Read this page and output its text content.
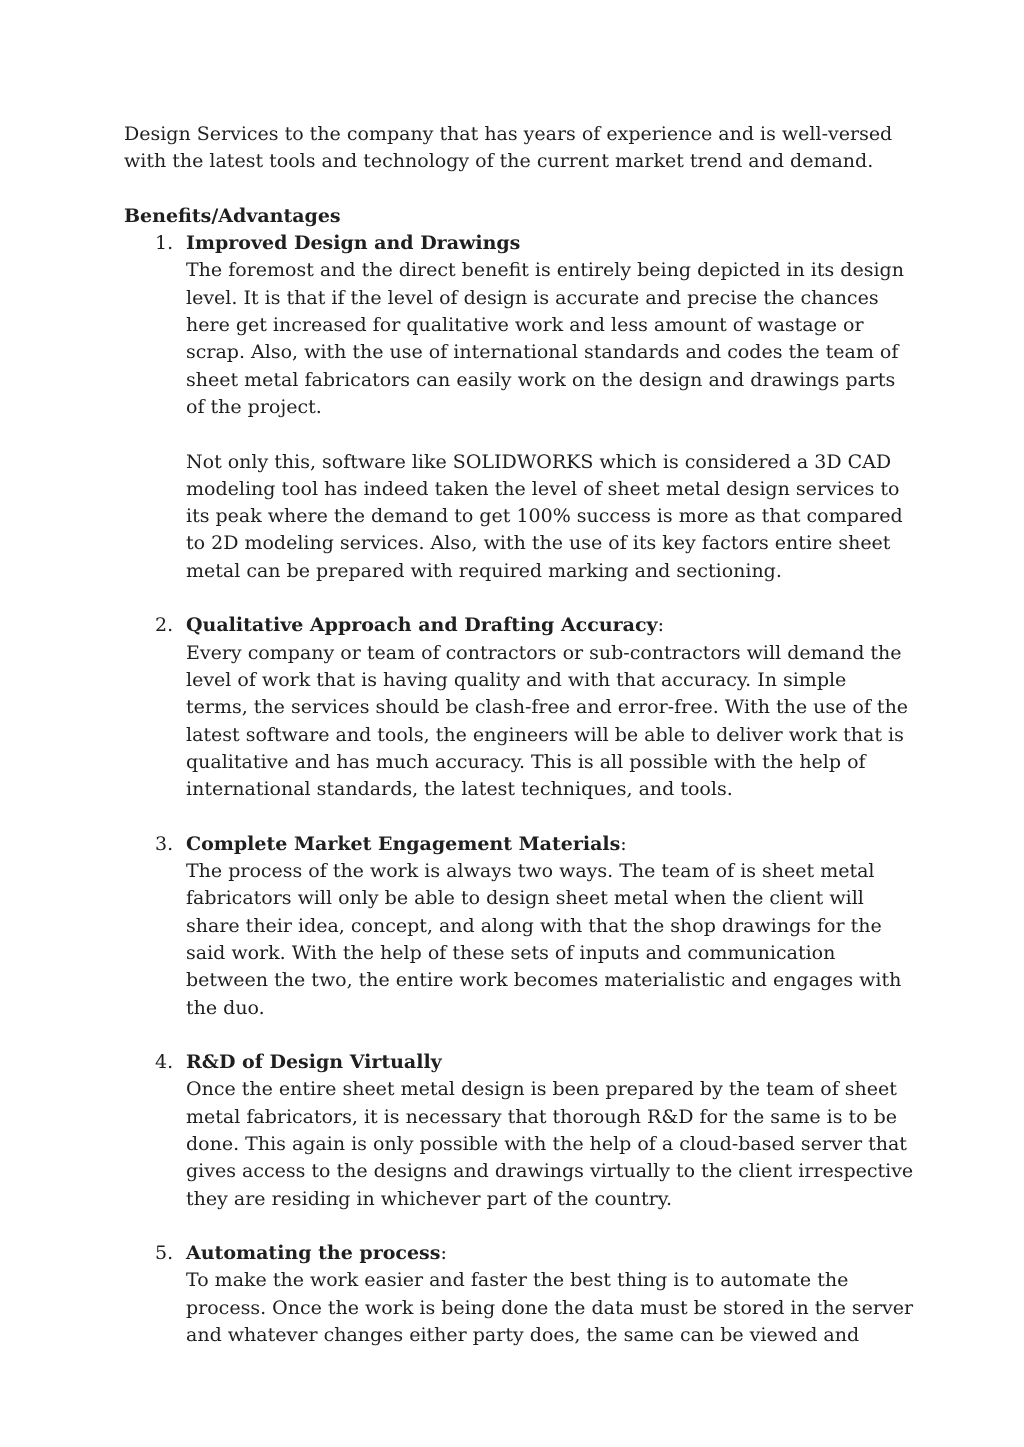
Design Services to the company that has years of experience and is well-versed with the latest tools and technology of the current market trend and demand.

Benefits/Advantages

1. Improved Design and Drawings

The foremost and the direct benefit is entirely being depicted in its design level. It is that if the level of design is accurate and precise the chances here get increased for qualitative work and less amount of wastage or scrap. Also, with the use of international standards and codes the team of sheet metal fabricators can easily work on the design and drawings parts of the project.

Not only this, software like SOLIDWORKS which is considered a 3D CAD modeling tool has indeed taken the level of sheet metal design services to its peak where the demand to get 100% success is more as that compared to 2D modeling services. Also, with the use of its key factors entire sheet metal can be prepared with required marking and sectioning.

2. Qualitative Approach and Drafting Accuracy:

Every company or team of contractors or sub-contractors will demand the level of work that is having quality and with that accuracy. In simple terms, the services should be clash-free and error-free. With the use of the latest software and tools, the engineers will be able to deliver work that is qualitative and has much accuracy. This is all possible with the help of international standards, the latest techniques, and tools.

3. Complete Market Engagement Materials:

The process of the work is always two ways. The team of is sheet metal fabricators will only be able to design sheet metal when the client will share their idea, concept, and along with that the shop drawings for the said work. With the help of these sets of inputs and communication between the two, the entire work becomes materialistic and engages with the duo.

4. R&D of Design Virtually

Once the entire sheet metal design is been prepared by the team of sheet metal fabricators, it is necessary that thorough R&D for the same is to be done. This again is only possible with the help of a cloud-based server that gives access to the designs and drawings virtually to the client irrespective they are residing in whichever part of the country.

5. Automating the process:

To make the work easier and faster the best thing is to automate the process. Once the work is being done the data must be stored in the server and whatever changes either party does, the same can be viewed and
